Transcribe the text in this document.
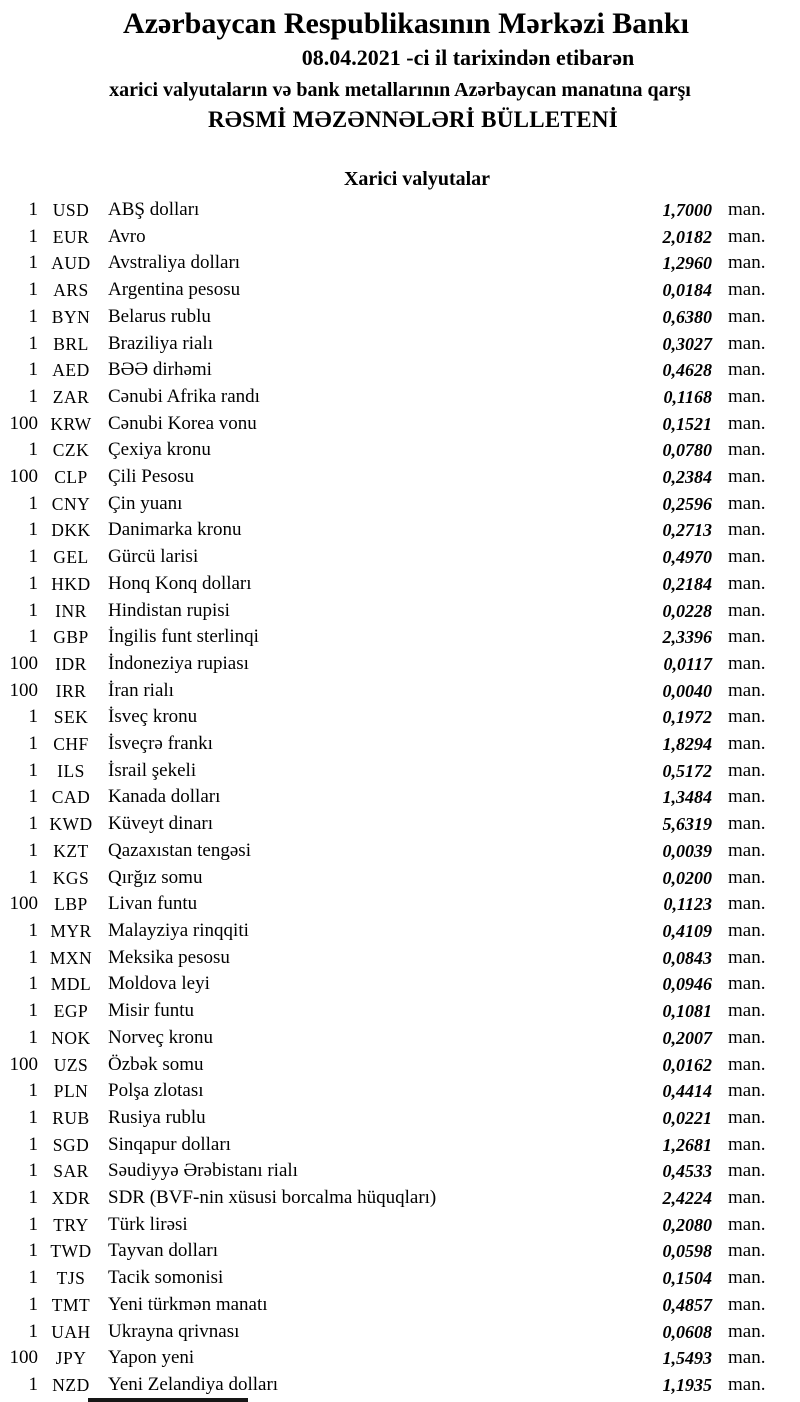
Azərbaycan Respublikasının Mərkəzi Bankı
08.04.2021 -ci il tarixindən etibarən
xarici valyutaların və bank metallarının Azərbaycan manatına qarşı
RƏSMİ MƏZƏNNƏLƏRİ BÜLLETENİ
Xarici valyutalar
1 USD ABŞ dolları	1,7000 man.
1 EUR Avro	2,0182 man.
1 AUD Avstraliya dolları	1,2960 man.
1 ARS	Argentina pesosu	0,0184 man.
1 BYN Belarus rublu	0,6380 man.
1 BRL	Braziliya rialı	0,3027 man.
1 AED BƏƏ dirhəmi	0,4628 man.
1 ZAR Cənubi Afrika randı	0,1168 man.
100 KRW Cənubi Korea vonu	0,1521 man.
1 CZK Çexiya kronu	0,0780 man.
100 CLP	Çili Pesosu	0,2384 man.
1 CNY Çin yuanı	0,2596 man.
1 DKK Danimarka kronu	0,2713 man.
1 GEL	Gürcü larisi	0,4970 man.
1 HKD Honq Konq dolları	0,2184 man.
1 INR	Hindistan rupisi	0,0228 man.
1 GBP	İngilis funt sterlinqi	2,3396 man.
100 IDR	İndoneziya rupiası	0,0117 man.
100	IRR	İran rialı	0,0040 man.
1 SEK	İsveç kronu	0,1972 man.
1 CHF	İsveçrə frankı	1,8294 man.
1	ILS	İsrail şekeli	0,5172 man.
1 CAD Kanada dolları	1,3484 man.
1 KWD Küveyt dinarı	5,6319 man.
1 KZT	Qazaxıstan tengəsi	0,0039 man.
1 KGS Qırğız somu	0,0200 man.
100 LBP	Livan funtu	0,1123 man.
1 MYR Malayziya rinqqiti	0,4109 man.
1 MXN Meksika pesosu	0,0843 man.
1 MDL Moldova leyi	0,0946 man.
1 EGP	Misir funtu	0,1081 man.
1 NOK Norveç kronu	0,2007 man.
100 UZS	Özbək somu	0,0162 man.
1 PLN	Polşa zlotası	0,4414 man.
1 RUB Rusiya rublu	0,0221 man.
1 SGD Sinqapur dolları	1,2681 man.
1 SAR	Səudiyyə Ərəbistanı rialı	0,4533 man.
1 XDR SDR (BVF-nin xüsusi borcalma hüquqları)	2,4224 man.
1 TRY	Türk lirəsi	0,2080 man.
1 TWD Tayvan dolları	0,0598 man.
1	TJS	Tacik somonisi	0,1504 man.
1 TMT Yeni türkmən manatı	0,4857 man.
1 UAH Ukrayna qrivnası	0,0608 man.
100	JPY	Yapon yeni	1,5493 man.
1 NZD Yeni Zelandiya dolları	1,1935 man.
